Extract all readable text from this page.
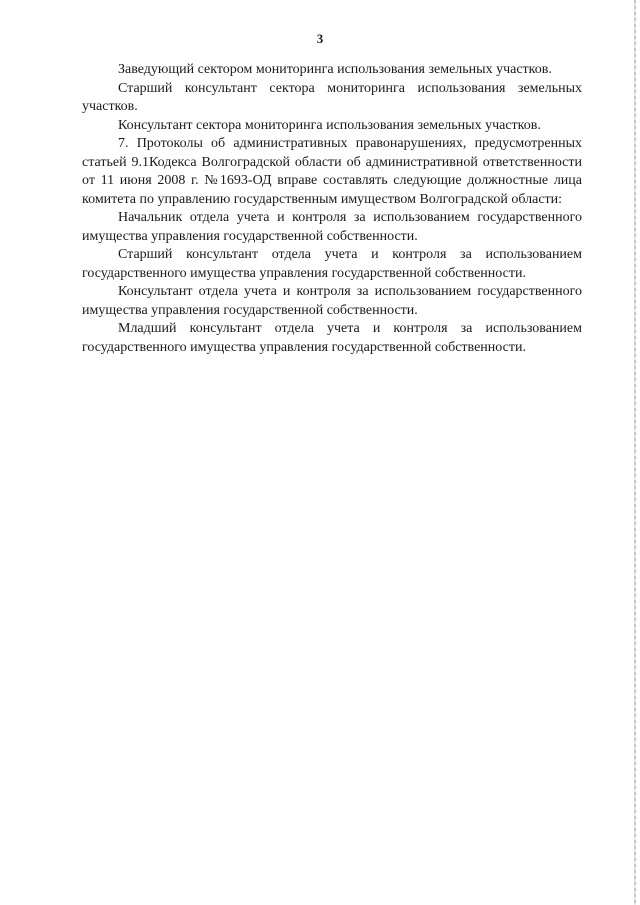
3

Заведующий сектором мониторинга использования земельных участков.

Старший консультант сектора мониторинга использования земельных участков.

Консультант сектора мониторинга использования земельных участков.

7. Протоколы об административных правонарушениях, предусмотренных статьей 9.1Кодекса Волгоградской области об административной ответственности от 11 июня 2008 г. №1693-ОД вправе составлять следующие должностные лица комитета по управлению государственным имуществом Волгоградской области:

Начальник отдела учета и контроля за использованием государственного имущества управления государственной собственности.

Старший консультант отдела учета и контроля за использованием государственного имущества управления государственной собственности.

Консультант отдела учета и контроля за использованием государственного имущества управления государственной собственности.

Младший консультант отдела учета и контроля за использованием государственного имущества управления государственной собственности.
